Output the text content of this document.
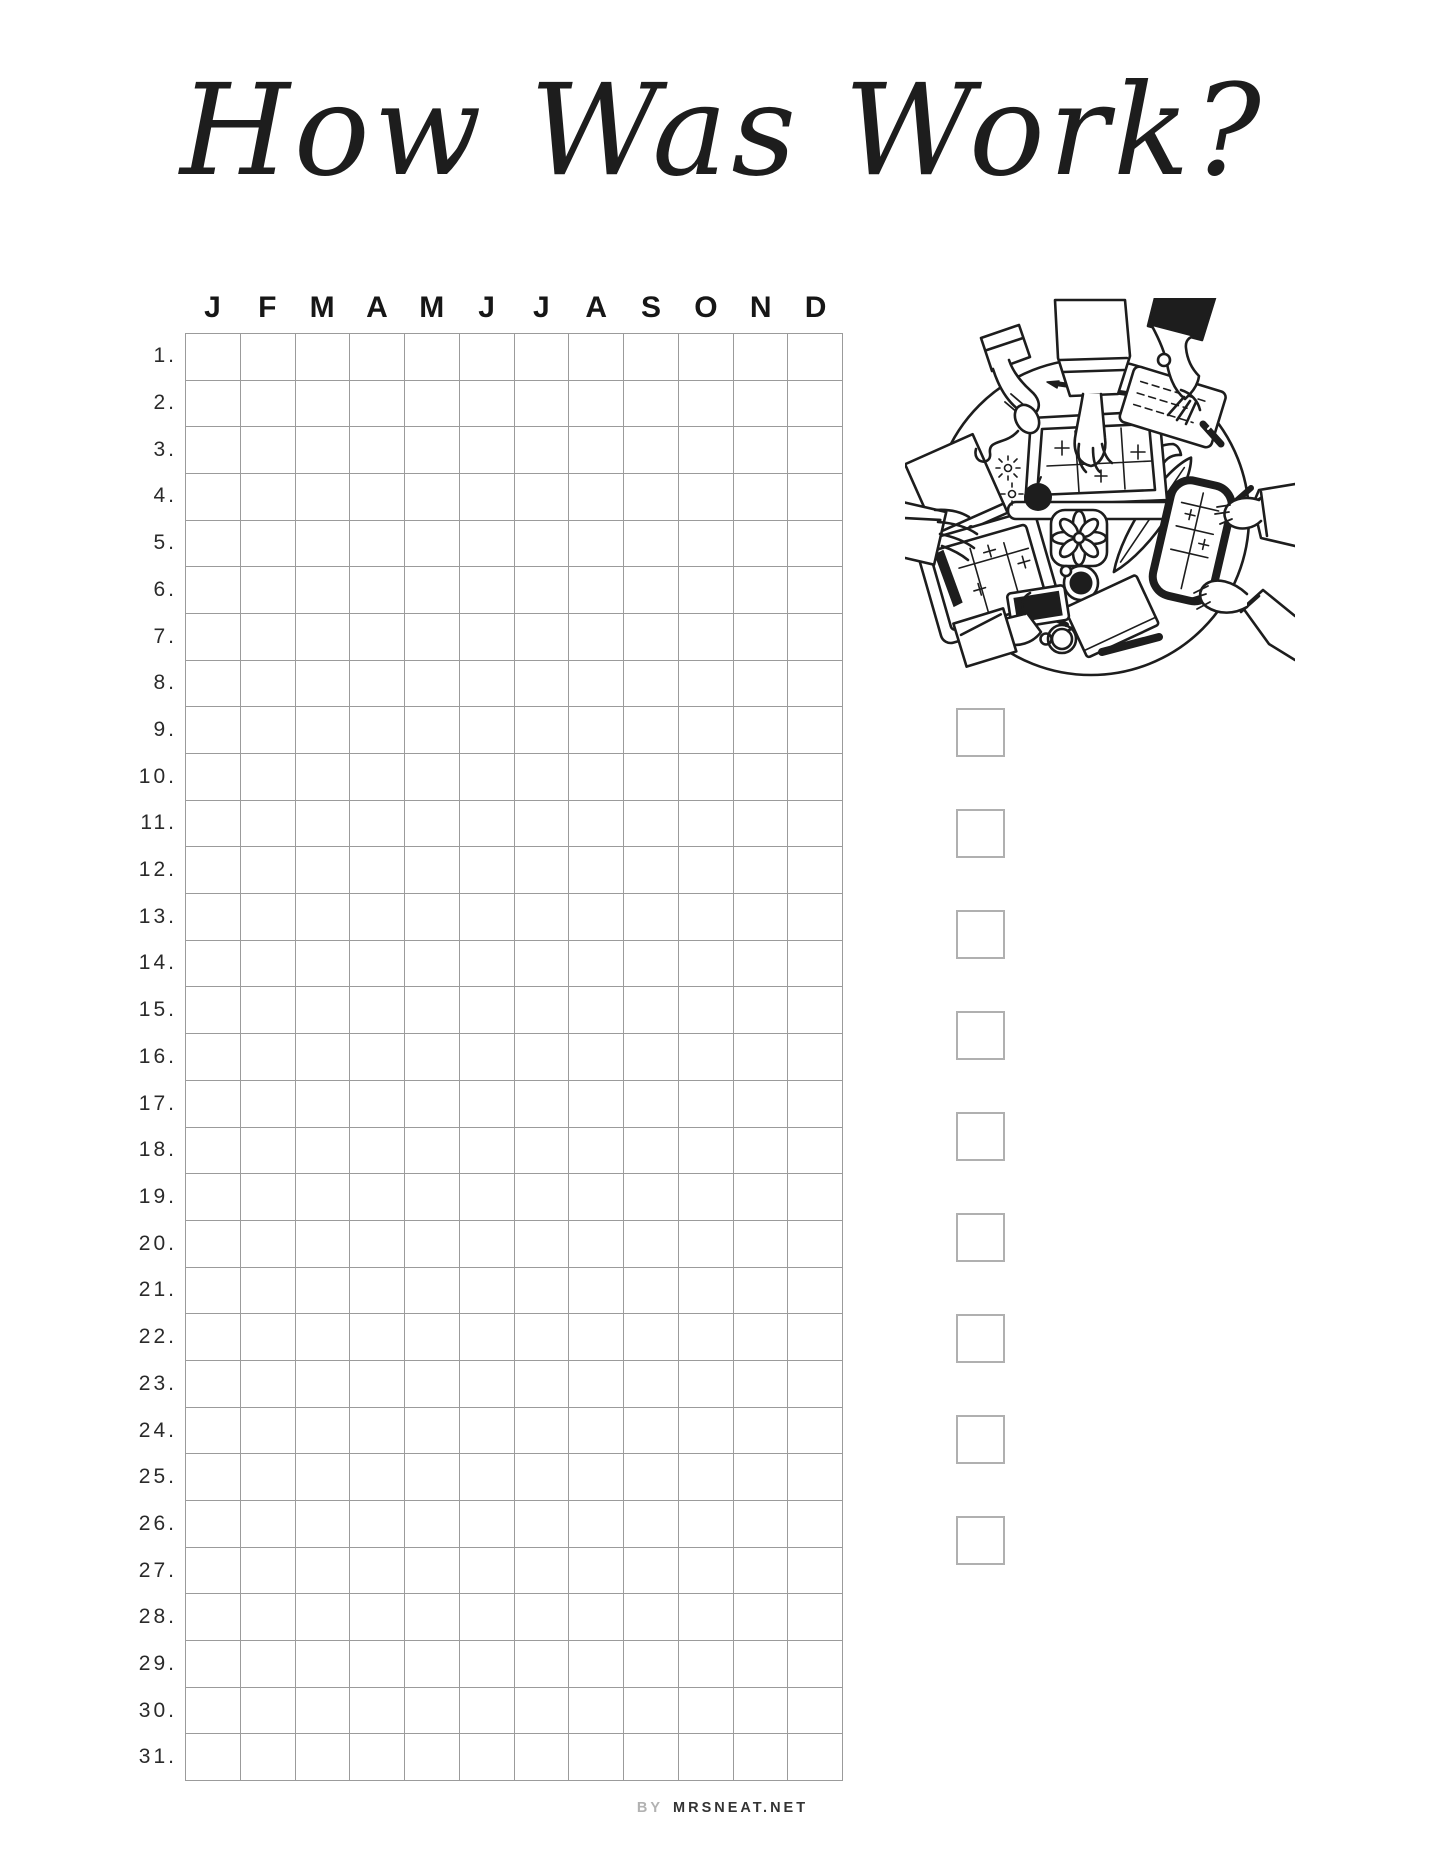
How Was Work?
J	F	M	A	M	J	J	A	S	O	N	D
1.
2.
3.
4.
5.
6.
7.
8.
9.
10.
11.
12.
13.
14.
15.
16.
17.
18.
19.
20.
21.
22.
23.
24.
25.
26.
27.
28.
29.
30.
31.
BY MRSNEAT.NET
